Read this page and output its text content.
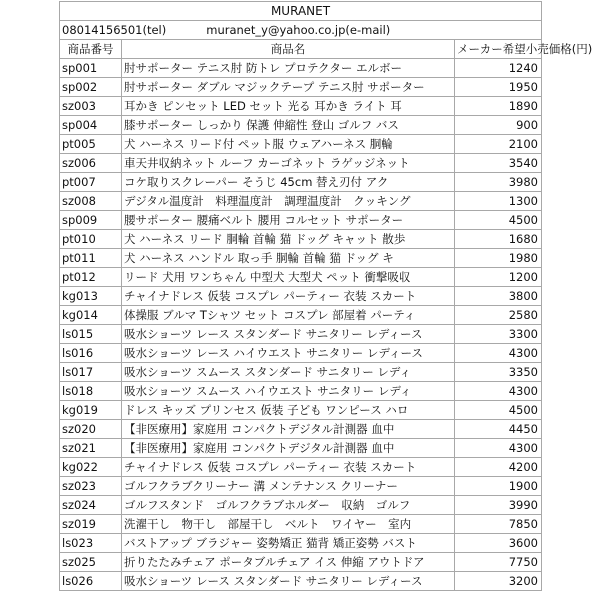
MURANET		
08014156501(tel) muranet_y@yahoo.co.jp(e-mail)		
商品番号	商品名	メーカー希望小売価格(円)
sp001	肘サポーター テニス肘 防トレ プロテクター エルボー	1240
sp002	肘サポーター ダブル マジックテープ テニス肘 サポーター	1950
sz003	耳かき ピンセット LED セット 光る 耳かき ライト 耳	1890
sp004	膝サポーター しっかり 保護 伸縮性 登山 ゴルフ バス	900
pt005	犬 ハーネス リード付 ペット服 ウェアハーネス 胴輪	2100
sz006	車天井収納ネット ルーフ カーゴネット ラゲッジネット	3540
pt007	コケ取りスクレーパー そうじ 45cm 替え刃付 アク	3980
sz008	デジタル温度計　料理温度計　調理温度計　クッキング	1300
sp009	腰サポーター 腰痛ベルト 腰用 コルセット サポーター	4500
pt010	犬 ハーネス リード 胴輪 首輪 猫 ドッグ キャット 散歩	1680
pt011	犬 ハーネス ハンドル 取っ手 胴輪 首輪 猫 ドッグ キ	1980
pt012	リード 犬用 ワンちゃん 中型犬 大型犬 ペット 衝撃吸収	1200
kg013	チャイナドレス 仮装 コスプレ パーティー 衣装 スカート	3800
kg014	体操服 ブルマ Tシャツ セット コスプレ 部屋着 パーティ	2580
ls015	吸水ショーツ レース スタンダード サニタリー レディース	3300
ls016	吸水ショーツ レース ハイウエスト サニタリー レディース	4300
ls017	吸水ショーツ スムース スタンダード サニタリー レディ	3350
ls018	吸水ショーツ スムース ハイウエスト サニタリー レディ	4300
kg019	ドレス キッズ プリンセス 仮装 子ども ワンピース ハロ	4500
sz020	【非医療用】家庭用 コンパクトデジタル計測器 血中	4450
sz021	【非医療用】家庭用 コンパクトデジタル計測器 血中	4300
kg022	チャイナドレス 仮装 コスプレ パーティー 衣装 スカート	4200
sz023	ゴルフクラブクリーナー 溝 メンテナンス クリーナー	1900
sz024	ゴルフスタンド　ゴルフクラブホルダー　収納　ゴルフ	3990
sz019	洗濯干し　物干し　部屋干し　ベルト　ワイヤー　室内	7850
ls023	バストアップ ブラジャー 姿勢矯正 猫背 矯正姿勢 バスト	3600
sz025	折りたたみチェア ポータブルチェア イス 伸縮 アウトドア	7750
ls026	吸水ショーツ レース スタンダード サニタリー レディース	3200
